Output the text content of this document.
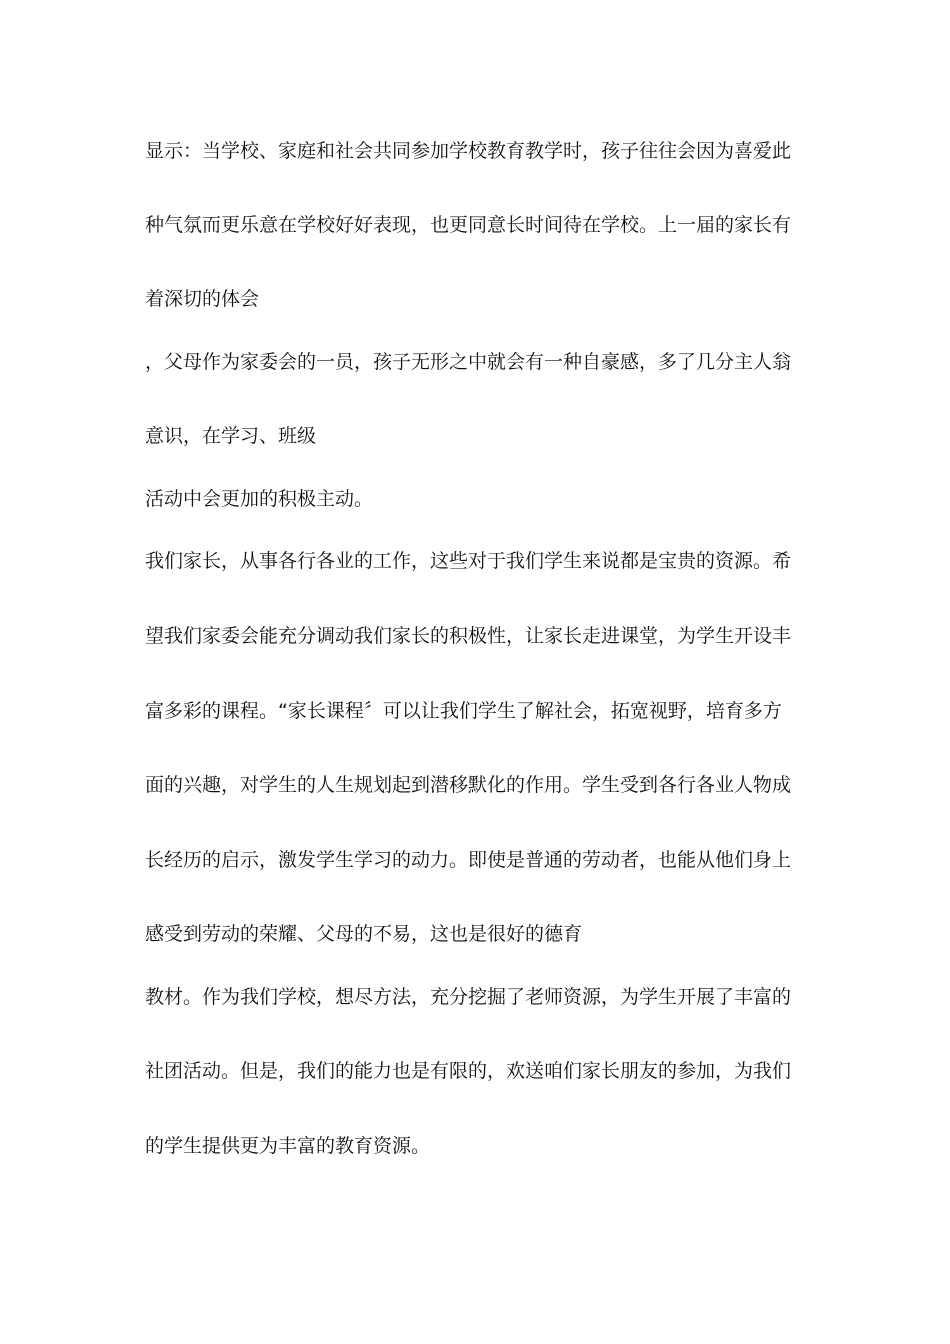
显示：当学校、家庭和社会共同参加学校教育教学时，孩子往往会因为喜爱此
种气氛而更乐意在学校好好表现，也更同意长时间待在学校。上一届的家长有
着深切的体会
，父母作为家委会的一员，孩子无形之中就会有一种自豪感，多了几分主人翁
意识，在学习、班级
活动中会更加的积极主动。
我们家长，从事各行各业的工作，这些对于我们学生来说都是宝贵的资源。希
望我们家委会能充分调动我们家长的积极性，让家长走进课堂，为学生开设丰
富多彩的课程。“家长课程〞可以让我们学生了解社会，拓宽视野，培育多方
面的兴趣，对学生的人生规划起到潜移默化的作用。学生受到各行各业人物成
长经历的启示，激发学生学习的动力。即使是普通的劳动者，也能从他们身上
感受到劳动的荣耀、父母的不易，这也是很好的德育
教材。作为我们学校，想尽方法，充分挖掘了老师资源，为学生开展了丰富的
社团活动。但是，我们的能力也是有限的，欢送咱们家长朋友的参加，为我们
的学生提供更为丰富的教育资源。
